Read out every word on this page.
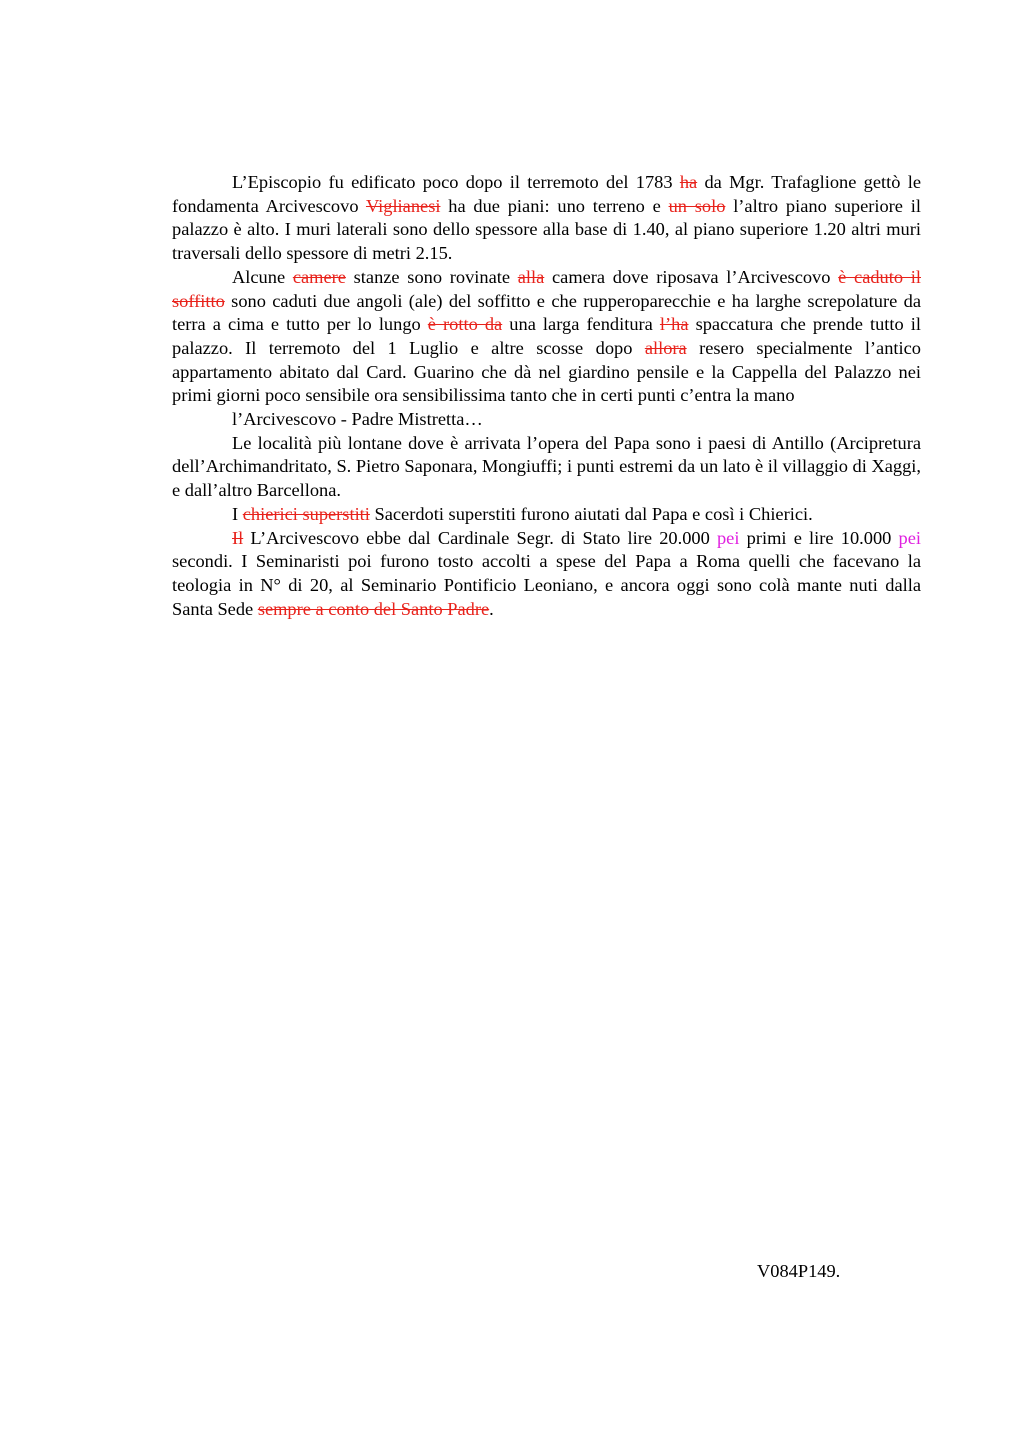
L’Episcopio fu edificato poco dopo il terremoto del 1783 ha da Mgr. Trafaglione gettò le fondamenta Arcivescovo Viglianesi ha due piani: uno terreno e un solo l’altro piano superiore il palazzo è alto. I muri laterali sono dello spessore alla base di 1.40, al piano superiore 1.20 altri muri traversali dello spessore di metri 2.15.

Alcune camere stanze sono rovinate alla camera dove riposava l’Arcivescovo è caduto il soffitto sono caduti due angoli (ale) del soffitto e che rupperoparecchie e ha larghe screpolature da terra a cima e tutto per lo lungo è rotto da una larga fenditura l’ha spaccatura che prende tutto il palazzo. Il terremoto del 1 Luglio e altre scosse dopo allora resero specialmente l’antico appartamento abitato dal Card. Guarino che dà nel giardino pensile e la Cappella del Palazzo nei primi giorni poco sensibile ora sensibilissima tanto che in certi punti c’entra la mano

l’Arcivescovo - Padre Mistretta…

Le località più lontane dove è arrivata l’opera del Papa sono i paesi di Antillo (Arcipretura dell’Archimandritato, S. Pietro Saponara, Mongiuffi; i punti estremi da un lato è il villaggio di Xaggi, e dall’altro Barcellona.

I chierici superstiti Sacerdoti superstiti furono aiutati dal Papa e così i Chierici.

Il L’Arcivescovo ebbe dal Cardinale Segr. di Stato lire 20.000 pei primi e lire 10.000 pei secondi. I Seminaristi poi furono tosto accolti a spese del Papa a Roma quelli che facevano la teologia in N° di 20, al Seminario Pontificio Leoniano, e ancora oggi sono colà mante nuti dalla Santa Sede sempre a conto del Santo Padre.

V084P149.
